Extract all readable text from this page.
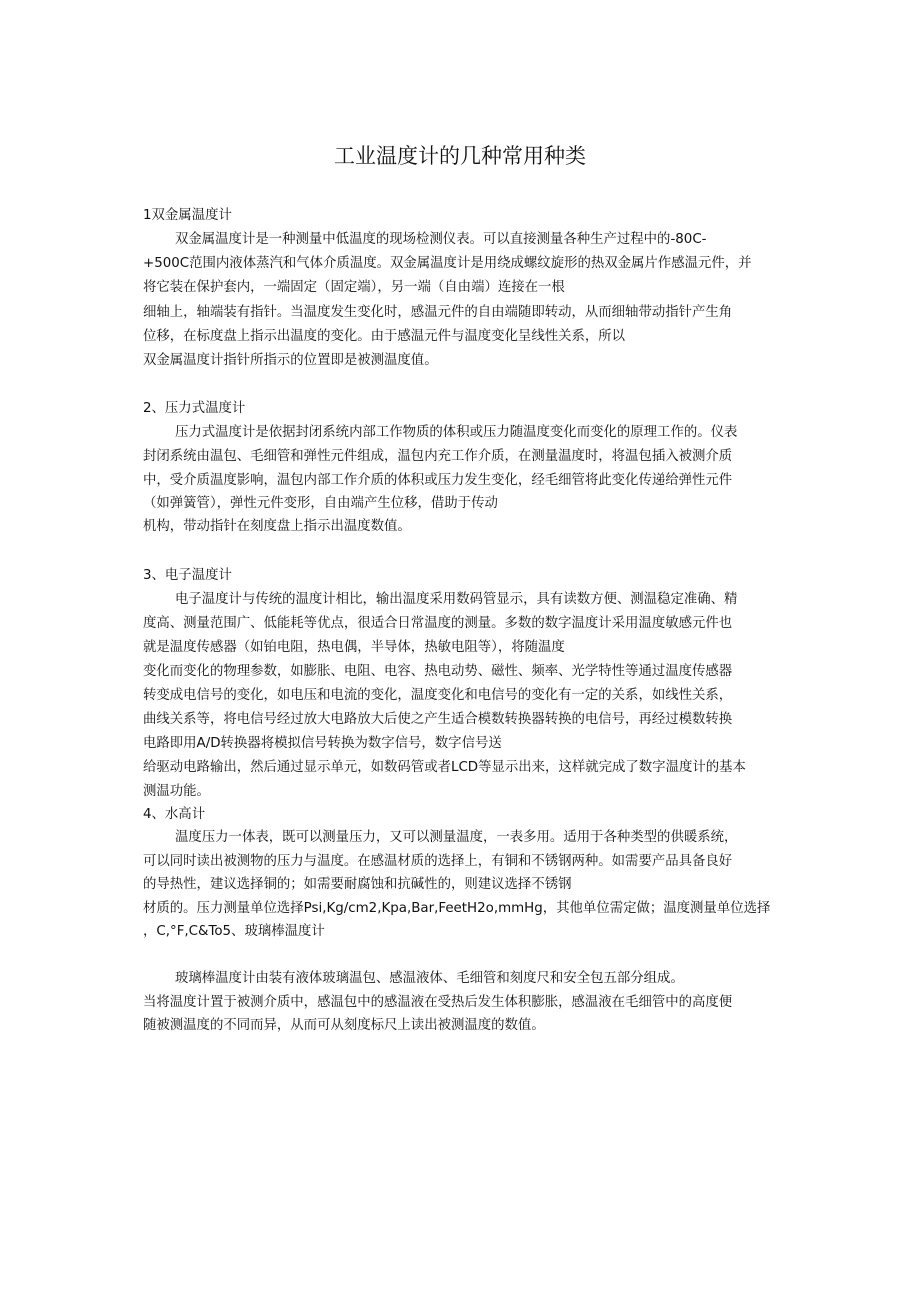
工业温度计的几种常用种类
1双金属温度计
双金属温度计是一种测量中低温度的现场检测仪表。可以直接测量各种生产过程中的-80C-
+500C范围内液体蒸汽和气体介质温度。双金属温度计是用绕成螺纹旋形的热双金属片作感温元件，并
将它装在保护套内，一端固定（固定端），另一端（自由端）连接在一根
细轴上，轴端装有指针。当温度发生变化时，感温元件的自由端随即转动，从而细轴带动指针产生角
位移，在标度盘上指示出温度的变化。由于感温元件与温度变化呈线性关系，所以
双金属温度计指针所指示的位置即是被测温度值。
2、压力式温度计
压力式温度计是依据封闭系统内部工作物质的体积或压力随温度变化而变化的原理工作的。仪表
封闭系统由温包、毛细管和弹性元件组成，温包内充工作介质，在测量温度时，将温包插入被测介质
中，受介质温度影响，温包内部工作介质的体积或压力发生变化，经毛细管将此变化传递给弹性元件
（如弹簧管），弹性元件变形，自由端产生位移，借助于传动
机构，带动指针在刻度盘上指示出温度数值。
3、电子温度计
电子温度计与传统的温度计相比，输出温度采用数码管显示，具有读数方便、测温稳定准确、精
度高、测量范围广、低能耗等优点，很适合日常温度的测量。多数的数字温度计采用温度敏感元件也
就是温度传感器（如铂电阻，热电偶，半导体，热敏电阻等），将随温度
变化而变化的物理参数，如膨胀、电阻、电容、热电动势、磁性、频率、光学特性等通过温度传感器
转变成电信号的变化，如电压和电流的变化，温度变化和电信号的变化有一定的关系，如线性关系，
曲线关系等，将电信号经过放大电路放大后使之产生适合模数转换器转换的电信号，再经过模数转换
电路即用A/D转换器将模拟信号转换为数字信号，数字信号送
给驱动电路输出，然后通过显示单元，如数码管或者LCD等显示出来，这样就完成了数字温度计的基本
测温功能。
4、水高计
温度压力一体表，既可以测量压力，又可以测量温度，一表多用。适用于各种类型的供暖系统，
可以同时读出被测物的压力与温度。在感温材质的选择上，有铜和不锈钢两种。如需要产品具备良好
的导热性，建议选择铜的；如需要耐腐蚀和抗碱性的，则建议选择不锈钢
材质的。压力测量单位选择Psi,Kg/cm2,Kpa,Bar,FeetH2o,mmHg，其他单位需定做；温度测量单位选择
，C,°F,C&To5、玻璃棒温度计
玻璃棒温度计由装有液体玻璃温包、感温液体、毛细管和刻度尺和安全包五部分组成。
当将温度计置于被测介质中，感温包中的感温液在受热后发生体积膨胀，感温液在毛细管中的高度便
随被测温度的不同而异，从而可从刻度标尺上读出被测温度的数值。
